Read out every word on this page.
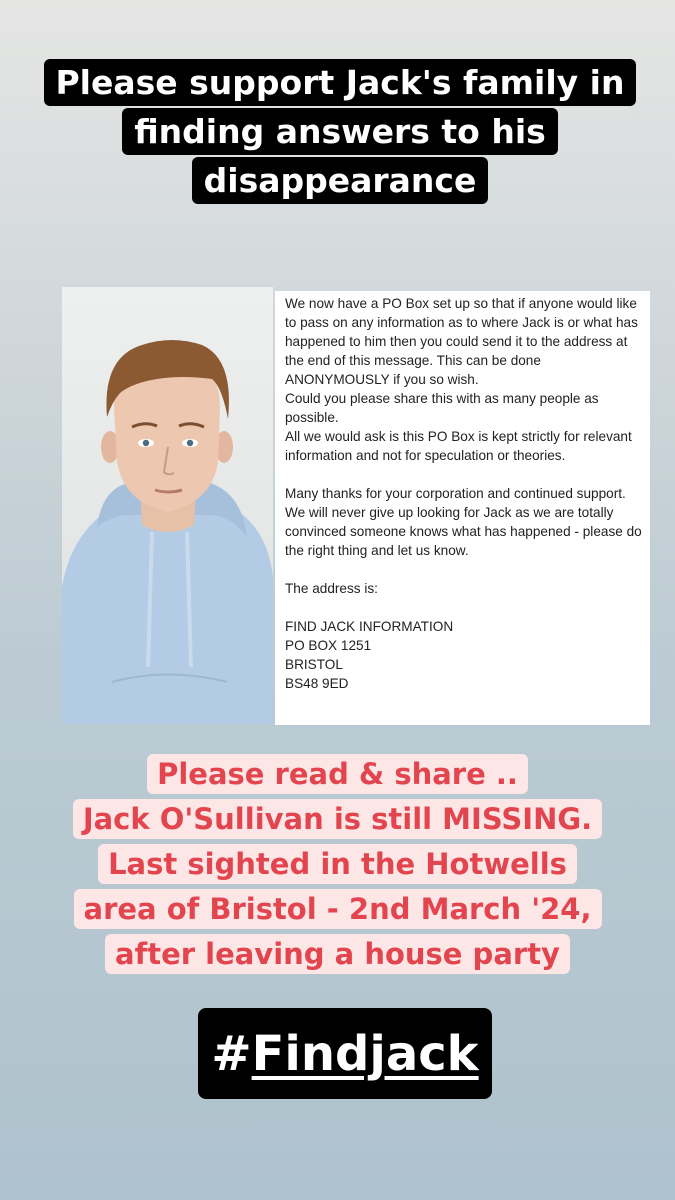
Please support Jack's family in finding answers to his disappearance

We now have a PO Box set up so that if anyone would like to pass on any information as to where Jack is or what has happened to him then you could send it to the address at the end of this message. This can be done ANONYMOUSLY if you so wish.

Could you please share this with as many people as possible.

All we would ask is this PO Box is kept strictly for relevant information and not for speculation or theories.

Many thanks for your corporation and continued support.

We will never give up looking for Jack as we are totally convinced someone knows what has happened - please do the right thing and let us know.

The address is:

FIND JACK INFORMATION

PO BOX 1251

BRISTOL

BS48 9ED

Please read & share ..
Jack O'Sullivan is still MISSING.
Last sighted in the Hotwells
area of Bristol - 2nd March '24,
after leaving a house party
# Findjack
